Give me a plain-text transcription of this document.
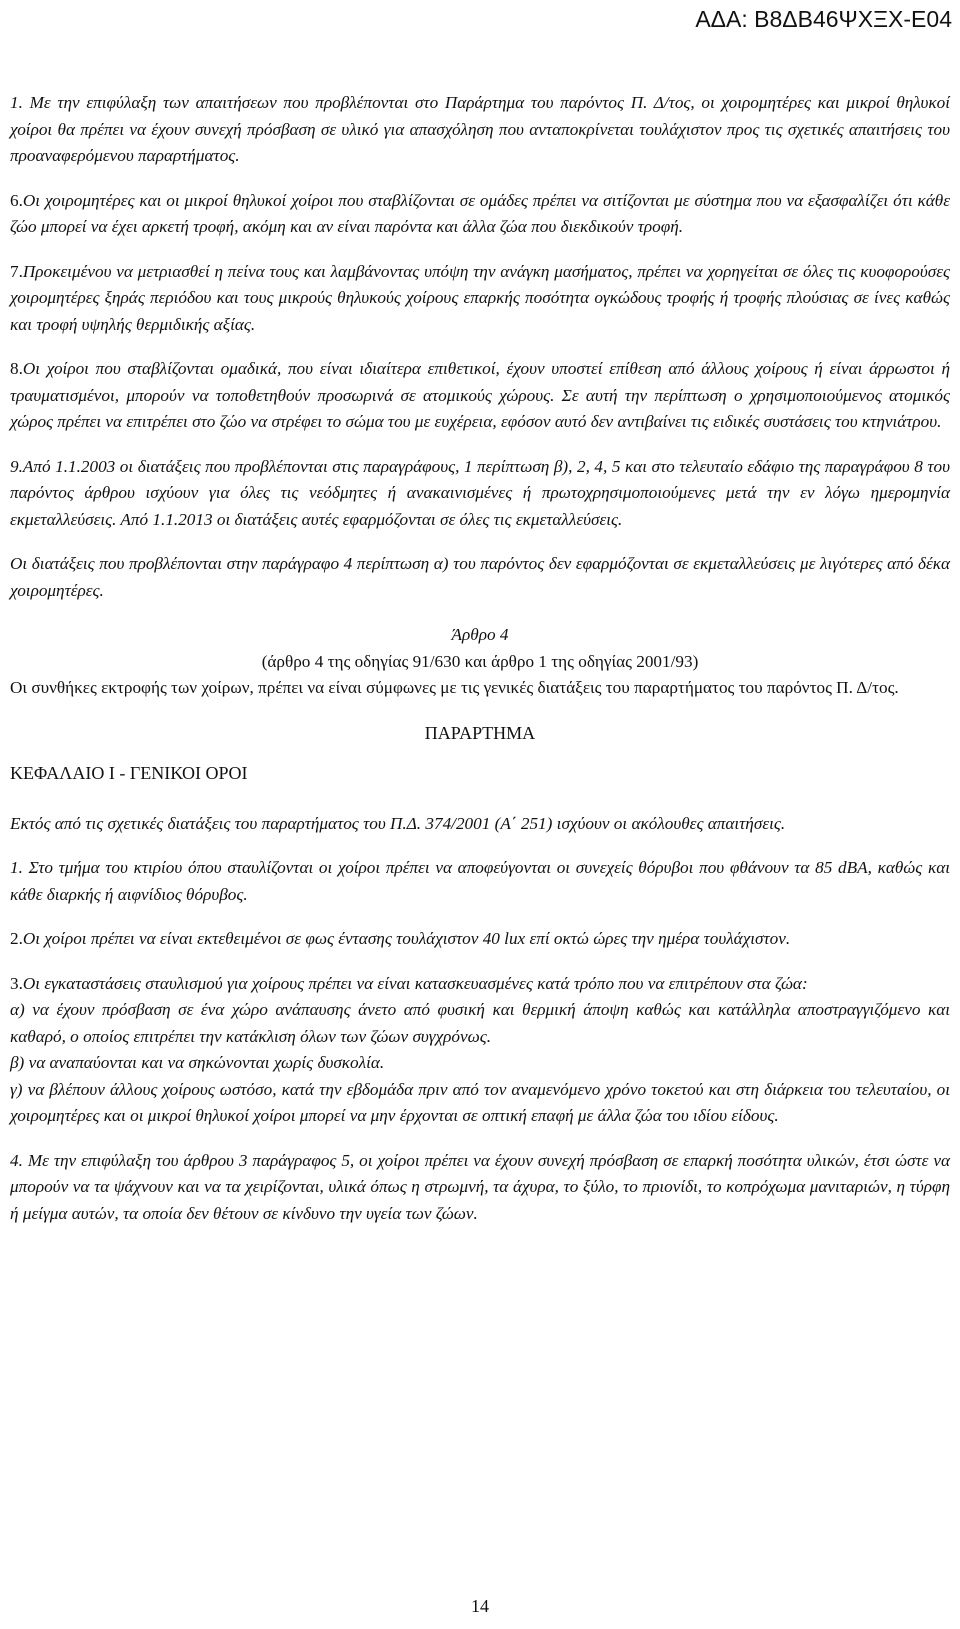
ΑΔΑ: Β8ΔΒ46ΨΧΞΧ-Ε04

1. Με την επιφύλαξη των απαιτήσεων που προβλέπονται στο Παράρτημα του παρόντος Π. Δ/τος, οι χοιρομητέρες και μικροί θηλυκοί χοίροι θα πρέπει να έχουν συνεχή πρόσβαση σε υλικό για απασχόληση που ανταποκρίνεται τουλάχιστον προς τις σχετικές απαιτήσεις του προαναφερόμενου παραρτήματος.

6.Οι χοιρομητέρες και οι μικροί θηλυκοί χοίροι που σταβλίζονται σε ομάδες πρέπει να σιτίζονται με σύστημα που να εξασφαλίζει ότι κάθε ζώο μπορεί να έχει αρκετή τροφή, ακόμη και αν είναι παρόντα και άλλα ζώα που διεκδικούν τροφή.

7.Προκειμένου να μετριασθεί η πείνα τους και λαμβάνοντας υπόψη την ανάγκη μασήματος, πρέπει να χορηγείται σε όλες τις κυοφορούσες χοιρομητέρες ξηράς περιόδου και τους μικρούς θηλυκούς χοίρους επαρκής ποσότητα ογκώδους τροφής ή τροφής πλούσιας σε ίνες καθώς και τροφή υψηλής θερμιδικής αξίας.

8.Οι χοίροι που σταβλίζονται ομαδικά, που είναι ιδιαίτερα επιθετικοί, έχουν υποστεί επίθεση από άλλους χοίρους ή είναι άρρωστοι ή τραυματισμένοι, μπορούν να τοποθετηθούν προσωρινά σε ατομικούς χώρους. Σε αυτή την περίπτωση ο χρησιμοποιούμενος ατομικός χώρος πρέπει να επιτρέπει στο ζώο να στρέφει το σώμα του με ευχέρεια, εφόσον αυτό δεν αντιβαίνει τις ειδικές συστάσεις του κτηνιάτρου.

9.Από 1.1.2003 οι διατάξεις που προβλέπονται στις παραγράφους, 1 περίπτωση β), 2, 4, 5 και στο τελευταίο εδάφιο της παραγράφου 8 του παρόντος άρθρου ισχύουν για όλες τις νεόδμητες ή ανακαινισμένες ή πρωτοχρησιμοποιούμενες μετά την εν λόγω ημερομηνία εκμεταλλεύσεις. Από 1.1.2013 οι διατάξεις αυτές εφαρμόζονται σε όλες τις εκμεταλλεύσεις.

Οι διατάξεις που προβλέπονται στην παράγραφο 4 περίπτωση α) του παρόντος δεν εφαρμόζονται σε εκμεταλλεύσεις με λιγότερες από δέκα χοιρομητέρες.

Άρθρο 4

(άρθρο 4 της οδηγίας 91/630 και άρθρο 1 της οδηγίας 2001/93)

Οι συνθήκες εκτροφής των χοίρων, πρέπει να είναι σύμφωνες με τις γενικές διατάξεις του παραρτήματος του παρόντος Π. Δ/τος.

ΠΑΡΑΡΤΗΜΑ

ΚΕΦΑΛΑΙΟ Ι - ΓΕΝΙΚΟΙ ΟΡΟΙ

Εκτός από τις σχετικές διατάξεις του παραρτήματος του Π.Δ. 374/2001 (Α΄ 251) ισχύουν οι ακόλουθες απαιτήσεις.

1. Στο τμήμα του κτιρίου όπου σταυλίζονται οι χοίροι πρέπει να αποφεύγονται οι συνεχείς θόρυβοι που φθάνουν τα 85 dBA, καθώς και κάθε διαρκής ή αιφνίδιος θόρυβος.

2.Οι χοίροι πρέπει να είναι εκτεθειμένοι σε φως έντασης τουλάχιστον 40 lux επί οκτώ ώρες την ημέρα τουλάχιστον.

3.Οι εγκαταστάσεις σταυλισμού για χοίρους πρέπει να είναι κατασκευασμένες κατά τρόπο που να επιτρέπουν στα ζώα:

α) να έχουν πρόσβαση σε ένα χώρο ανάπαυσης άνετο από φυσική και θερμική άποψη καθώς και κατάλληλα αποστραγγιζόμενο και καθαρό, ο οποίος επιτρέπει την κατάκλιση όλων των ζώων συγχρόνως.

β) να αναπαύονται και να σηκώνονται χωρίς δυσκολία.

γ) να βλέπουν άλλους χοίρους ωστόσο, κατά την εβδομάδα πριν από τον αναμενόμενο χρόνο τοκετού και στη διάρκεια του τελευταίου, οι χοιρομητέρες και οι μικροί θηλυκοί χοίροι μπορεί να μην έρχονται σε οπτική επαφή με άλλα ζώα του ιδίου είδους.

4. Με την επιφύλαξη του άρθρου 3 παράγραφος 5, οι χοίροι πρέπει να έχουν συνεχή πρόσβαση σε επαρκή ποσότητα υλικών, έτσι ώστε να μπορούν να τα ψάχνουν και να τα χειρίζονται, υλικά όπως η στρωμνή, τα άχυρα, το ξύλο, το πριονίδι, το κοπρόχωμα μανιταριών, η τύρφη ή μείγμα αυτών, τα οποία δεν θέτουν σε κίνδυνο την υγεία των ζώων.

14
